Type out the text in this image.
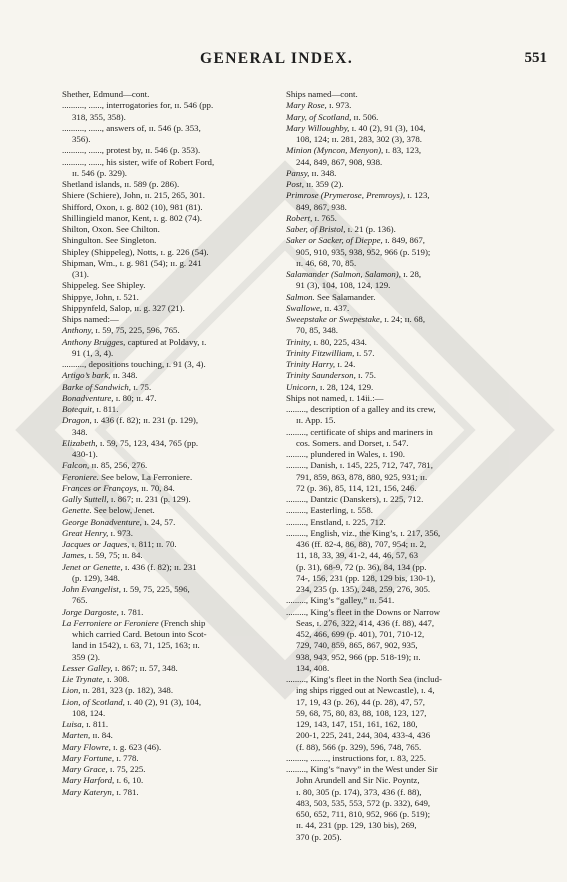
GENERAL INDEX.	551
Shether, Edmund—cont.
.........., ......, interrogatories for, ɪɪ. 546 (pp.
318, 355, 358).
.........., ......, answers of, ɪɪ. 546 (p. 353,
356).
.........., ......, protest by, ɪɪ. 546 (p. 353).
.........., ......, his sister, wife of Robert Ford,
ɪɪ. 546 (p. 329).
Shetland islands, ɪɪ. 589 (p. 286).
Shiere (Schiere), John, ɪɪ. 215, 265, 301.
Shifford, Oxon, ɪ. g. 802 (10), 981 (81).
Shillingield manor, Kent, ɪ. g. 802 (74).
Shilton, Oxon. See Chilton.
Shingulton. See Singleton.
Shipley (Shippeleg), Notts, ɪ. g. 226 (54).
Shipman, Wm., ɪ. g. 981 (54); ɪɪ. g. 241
(31).
Shippeleg. See Shipley.
Shippye, John, ɪ. 521.
Shippynfeld, Salop, ɪɪ. g. 327 (21).
Ships named:—
Anthony, ɪ. 59, 75, 225, 596, 765.
Anthony Brugges, captured at Poldavy, ɪ.
91 (1, 3, 4).
.........., depositions touching, ɪ. 91 (3, 4).
Artigo’s bark, ɪɪ. 348.
Barke of Sandwich, ɪ. 75.
Bonadventure, ɪ. 80; ɪɪ. 47.
Botequit, ɪ. 811.
Dragon, ɪ. 436 (f. 82); ɪɪ. 231 (p. 129),
348.
Elizabeth, ɪ. 59, 75, 123, 434, 765 (pp.
430-1).
Falcon, ɪɪ. 85, 256, 276.
Feroniere. See below, La Ferroniere.
Frances or Françoys, ɪɪ. 70, 84.
Gally Suttell, ɪ. 867; ɪɪ. 231 (p. 129).
Genette. See below, Jenet.
George Bonadventure, ɪ. 24, 57.
Great Henry, ɪ. 973.
Jacques or Jaques, ɪ. 811; ɪɪ. 70.
James, ɪ. 59, 75; ɪɪ. 84.
Jenet or Genette, ɪ. 436 (f. 82); ɪɪ. 231
(p. 129), 348.
John Evangelist, ɪ. 59, 75, 225, 596,
765.
Jorge Dargoste, ɪ. 781.
La Ferroniere or Feroniere (French ship
which carried Card. Betoun into Scot-
land in 1542), ɪ. 63, 71, 125, 163; ɪɪ.
359 (2).
Lesser Galley, ɪ. 867; ɪɪ. 57, 348.
Lie Trynate, ɪ. 308.
Lion, ɪɪ. 281, 323 (p. 182), 348.
Lion, of Scotland, ɪ. 40 (2), 91 (3), 104,
108, 124.
Luisa, ɪ. 811.
Marten, ɪɪ. 84.
Mary Flowre, ɪ. g. 623 (46).
Mary Fortune, ɪ. 778.
Mary Grace, ɪ. 75, 225.
Mary Harford, ɪ. 6, 10.
Mary Kateryn, ɪ. 781.
Ships named—cont.
Mary Rose, ɪ. 973.
Mary, of Scotland, ɪɪ. 506.
Mary Willoughby, ɪ. 40 (2), 91 (3), 104,
108, 124; ɪɪ. 281, 283, 302 (3), 378.
Minion (Myncon, Menyon), ɪ. 83, 123,
244, 849, 867, 908, 938.
Pansy, ɪɪ. 348.
Post, ɪɪ. 359 (2).
Primrose (Prymerose, Premroys), ɪ. 123,
849, 867, 938.
Robert, ɪ. 765.
Saber, of Bristol, ɪ. 21 (p. 136).
Saker or Sacker, of Dieppe, ɪ. 849, 867,
905, 910, 935, 938, 952, 966 (p. 519);
ɪɪ. 46, 68, 70, 85.
Salamander (Salmon, Salamon), ɪ. 28,
91 (3), 104, 108, 124, 129.
Salmon. See Salamander.
Swallowe, ɪɪ. 437.
Sweepstake or Swepestake, ɪ. 24; ɪɪ. 68,
70, 85, 348.
Trinity, ɪ. 80, 225, 434.
Trinity Fitzwilliam, ɪ. 57.
Trinity Harry, ɪ. 24.
Trinity Saunderson, ɪ. 75.
Unicorn, ɪ. 28, 124, 129.
Ships not named, ɪ. 14ii.:—
........., description of a galley and its crew,
ɪɪ. App. 15.
........., certificate of ships and mariners in
cos. Somers. and Dorset, ɪ. 547.
........., plundered in Wales, ɪ. 190.
........., Danish, ɪ. 145, 225, 712, 747, 781,
791, 859, 863, 878, 880, 925, 931; ɪɪ.
72 (p. 36), 85, 114, 121, 156, 246.
........., Dantzic (Danskers), ɪ. 225, 712.
........., Easterling, ɪ. 558.
........., Enstland, ɪ. 225, 712.
........., English, viz., the King’s, ɪ. 217, 356,
436 (ff. 82-4, 86, 88), 707, 954; ɪɪ. 2,
11, 18, 33, 39, 41-2, 44, 46, 57, 63
(p. 31), 68-9, 72 (p. 36), 84, 134 (pp.
74-, 156, 231 (pp. 128, 129 bis, 130-1),
234, 235 (p. 135), 248, 259, 276, 305.
........., King’s “galley,” ɪɪ. 541.
........., King’s fleet in the Downs or Narrow
Seas, ɪ. 276, 322, 414, 436 (f. 88), 447,
452, 466, 699 (p. 401), 701, 710-12,
729, 740, 859, 865, 867, 902, 935,
938, 943, 952, 966 (pp. 518-19); ɪɪ.
134, 408.
........., King’s fleet in the North Sea (includ-
ing ships rigged out at Newcastle), ɪ. 4,
17, 19, 43 (p. 26), 44 (p. 28), 47, 57,
59, 68, 75, 80, 83, 88, 108, 123, 127,
129, 143, 147, 151, 161, 162, 180,
200-1, 225, 241, 244, 304, 433-4, 436
(f. 88), 566 (p. 329), 596, 748, 765.
........., ........, instructions for, ɪ. 83, 225.
........., King’s “navy” in the West under Sir
John Arundell and Sir Nic. Poyntz,
ɪ. 80, 305 (p. 174), 373, 436 (f. 88),
483, 503, 535, 553, 572 (p. 332), 649,
650, 652, 711, 810, 952, 966 (p. 519);
ɪɪ. 44, 231 (pp. 129, 130 bis), 269,
370 (p. 205).
